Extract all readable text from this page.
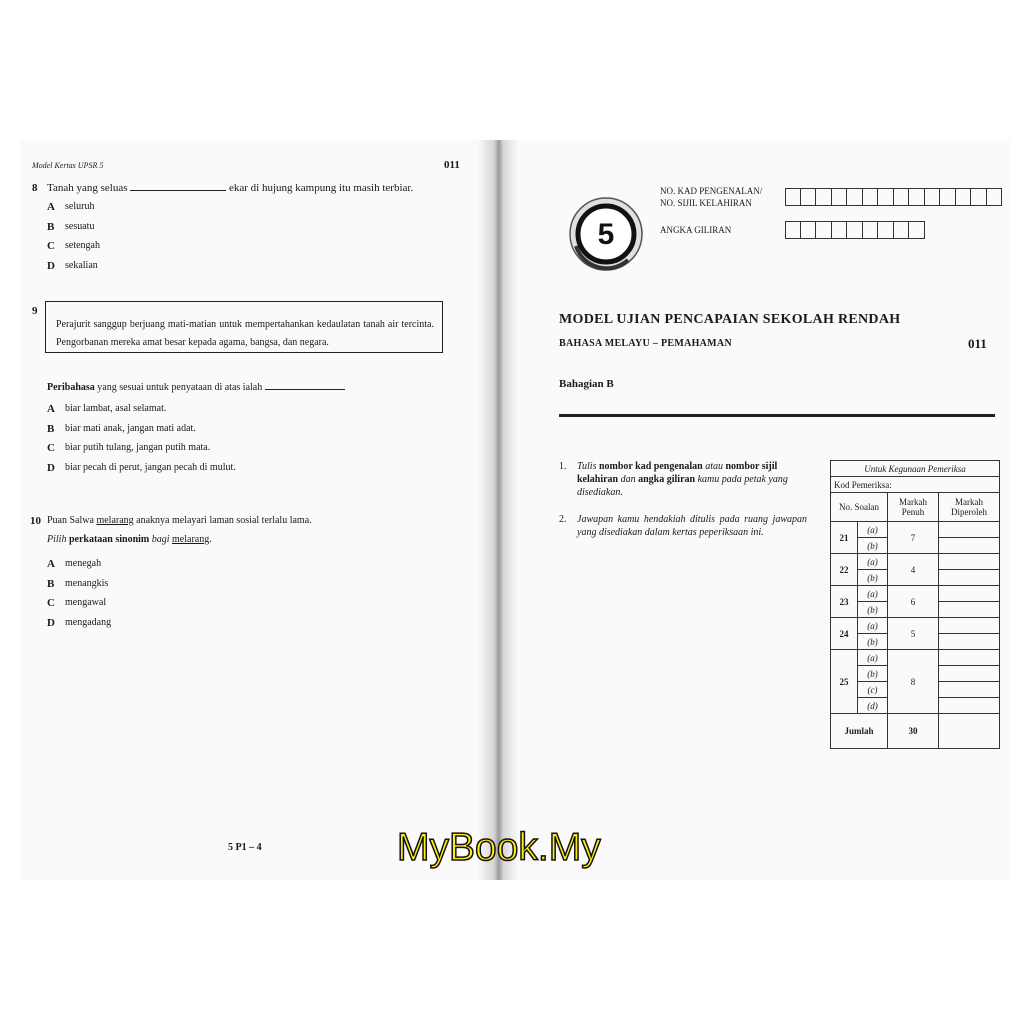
Model Kertas UPSR 5	011
8 Tanah yang seluas	ekar di hujung kampung itu masih terbiar.
A	seluruh
B	sesuatu
C	setengah
D	sekalian
9

Perajurit sanggup berjuang mati-matian untuk mempertahankan kedaulatan tanah air tercinta. Pengorbanan mereka amat besar kepada agama, bangsa, dan negara.

Peribahasa yang sesuai untuk penyataan di atas ialah
A	biar lambat, asal selamat.
B	biar mati anak, jangan mati adat.
C	biar putih tulang, jangan putih mata.
D	biar pecah di perut, jangan pecah di mulut.
10 Puan Salwa melarang anaknya melayari laman sosial terlalu lama.
Pilih perkataan sinonim bagi melarang.
A	menegah
B	menangkis
C	mengawal
D	mengadang
5 P1 – 4
5
NO. KAD PENGENALAN/
NO. SIJIL KELAHIRAN
ANGKA GILIRAN
MODEL UJIAN PENCAPAIAN SEKOLAH RENDAH
BAHASA MELAYU – PEMAHAMAN	011
Bahagian B
1.	Tulis nombor kad pengenalan atau nombor sijil kelahiran dan angka giliran kamu pada petak yang disediakan.
2.	Jawapan kamu hendakiah ditulis pada ruang jawapan yang disediakan dalam kertas peperiksaan ini.
Untuk Kegunaan Pemeriksa			
Kod Pemeriksa:			
No. Soalan		Markah Penuh	Markah Diperoleh
21	(a)	7	
	(b)		
22	(a)	4	
	(b)		
23	(a)	6	
	(b)		
24	(a)	5	
	(b)		
25	(a)	8	
	(b)		
	(c)		
	(d)		
Jumlah		30	
MyBook.My
